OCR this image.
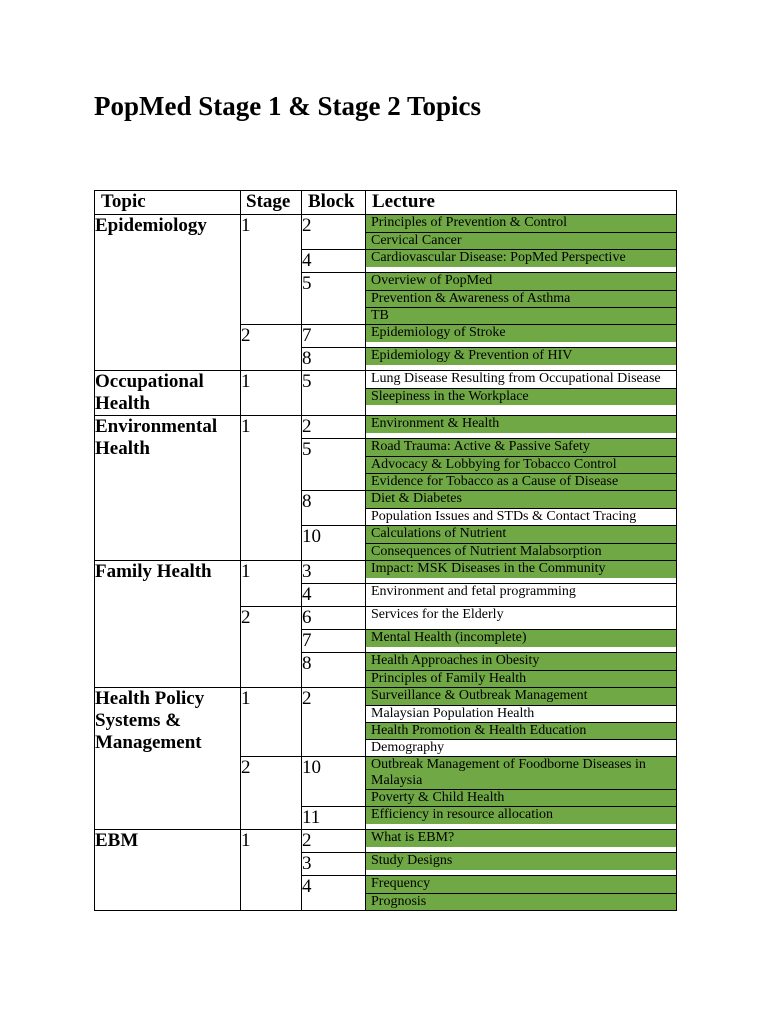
PopMed Stage 1 & Stage 2 Topics
Topic	Stage	Block	Lecture
Epidemiology	1	2	Principles of Prevention & Control
Cervical Cancer

		4	Cardiovascular Disease: PopMed Perspective

		5	Overview of PopMed
Prevention & Awareness of Asthma
TB

	2	7	Epidemiology of Stroke

		8	Epidemiology & Prevention of HIV

Occupational Health	1	5	Lung Disease Resulting from Occupational Disease
Sleepiness in the Workplace

Environmental Health	1	2	Environment & Health

		5	Road Trauma: Active & Passive Safety
Advocacy & Lobbying for Tobacco Control
Evidence for Tobacco as a Cause of Disease

		8	Diet & Diabetes
Population Issues and STDs & Contact Tracing

		10	Calculations of Nutrient
Consequences of Nutrient Malabsorption

Family Health	1	3	Impact: MSK Diseases in the Community

		4	Environment and fetal programming

	2	6	Services for the Elderly

		7	Mental Health (incomplete)

		8	Health Approaches in Obesity
Principles of Family Health

Health Policy Systems & Management	1	2	Surveillance & Outbreak Management
Malaysian Population Health
Health Promotion & Health Education
Demography

	2	10	Outbreak Management of Foodborne Diseases in Malaysia
Poverty & Child Health

		11	Efficiency in resource allocation

EBM	1	2	What is EBM?

		3	Study Designs

		4	Frequency
Prognosis
